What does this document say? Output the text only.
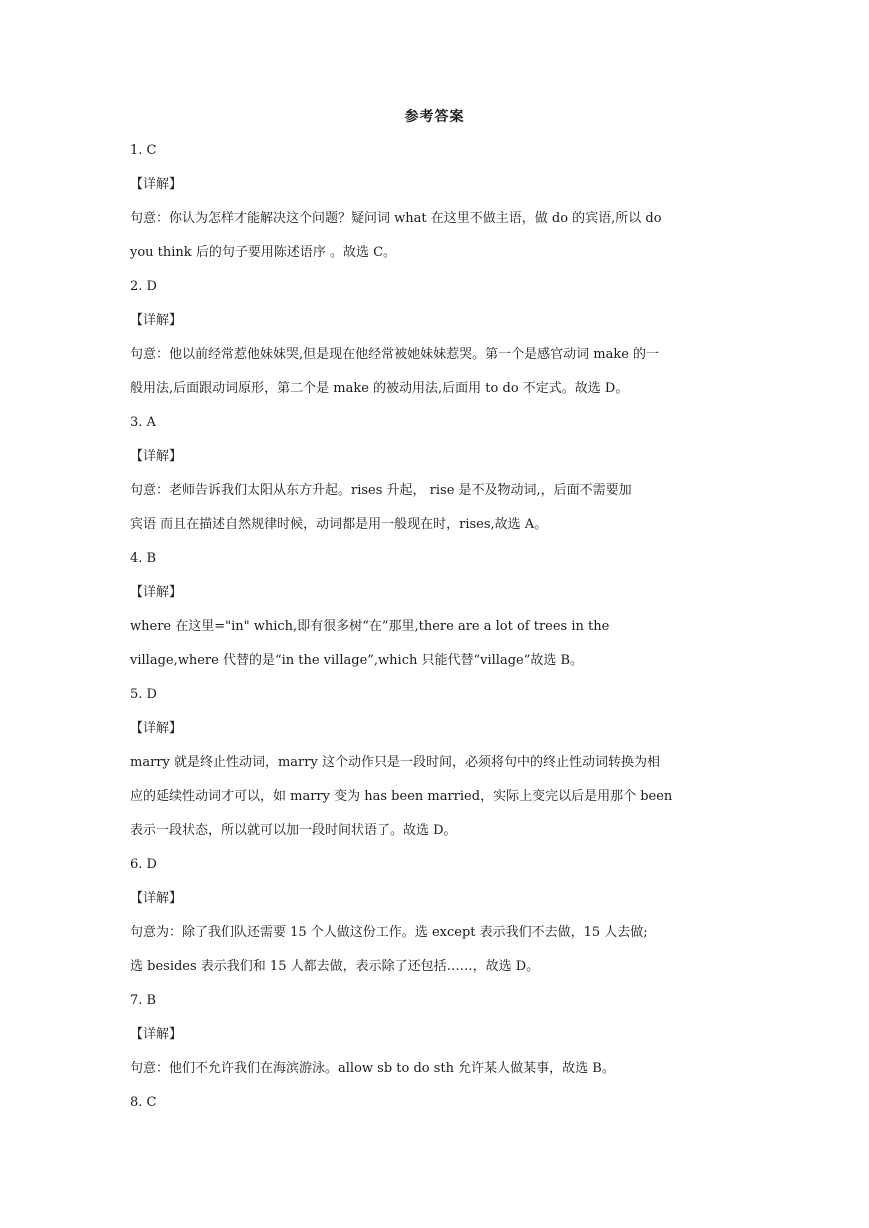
参考答案
1. C
【详解】
句意：你认为怎样才能解决这个问题？疑问词 what 在这里不做主语，做 do 的宾语,所以 do
you think 后的句子要用陈述语序 。故选 C。
2. D
【详解】
句意：他以前经常惹他妹妹哭,但是现在他经常被她妹妹惹哭。第一个是感官动词 make 的一
般用法,后面跟动词原形，第二个是 make 的被动用法,后面用 to do 不定式。故选 D。
3. A
【详解】
句意：老师告诉我们太阳从东方升起。rises 升起， rise 是不及物动词,，后面不需要加
宾语 而且在描述自然规律时候，动词都是用一般现在时，rises,故选 A。
4. B
【详解】
where 在这里="in" which,即有很多树“在”那里,there are a lot of trees in the
village,where 代替的是“in the village”,which 只能代替“village”故选 B。
5. D
【详解】
marry 就是终止性动词，marry 这个动作只是一段时间，必须将句中的终止性动词转换为相
应的延续性动词才可以，如 marry 变为 has been married，实际上变完以后是用那个 been
表示一段状态，所以就可以加一段时间状语了。故选 D。
6. D
【详解】
句意为：除了我们队还需要 15 个人做这份工作。选 except 表示我们不去做，15 人去做;
选 besides 表示我们和 15 人都去做，表示除了还包括……，故选 D。
7. B
【详解】
句意：他们不允许我们在海滨游泳。allow sb to do sth 允许某人做某事，故选 B。
8. C
